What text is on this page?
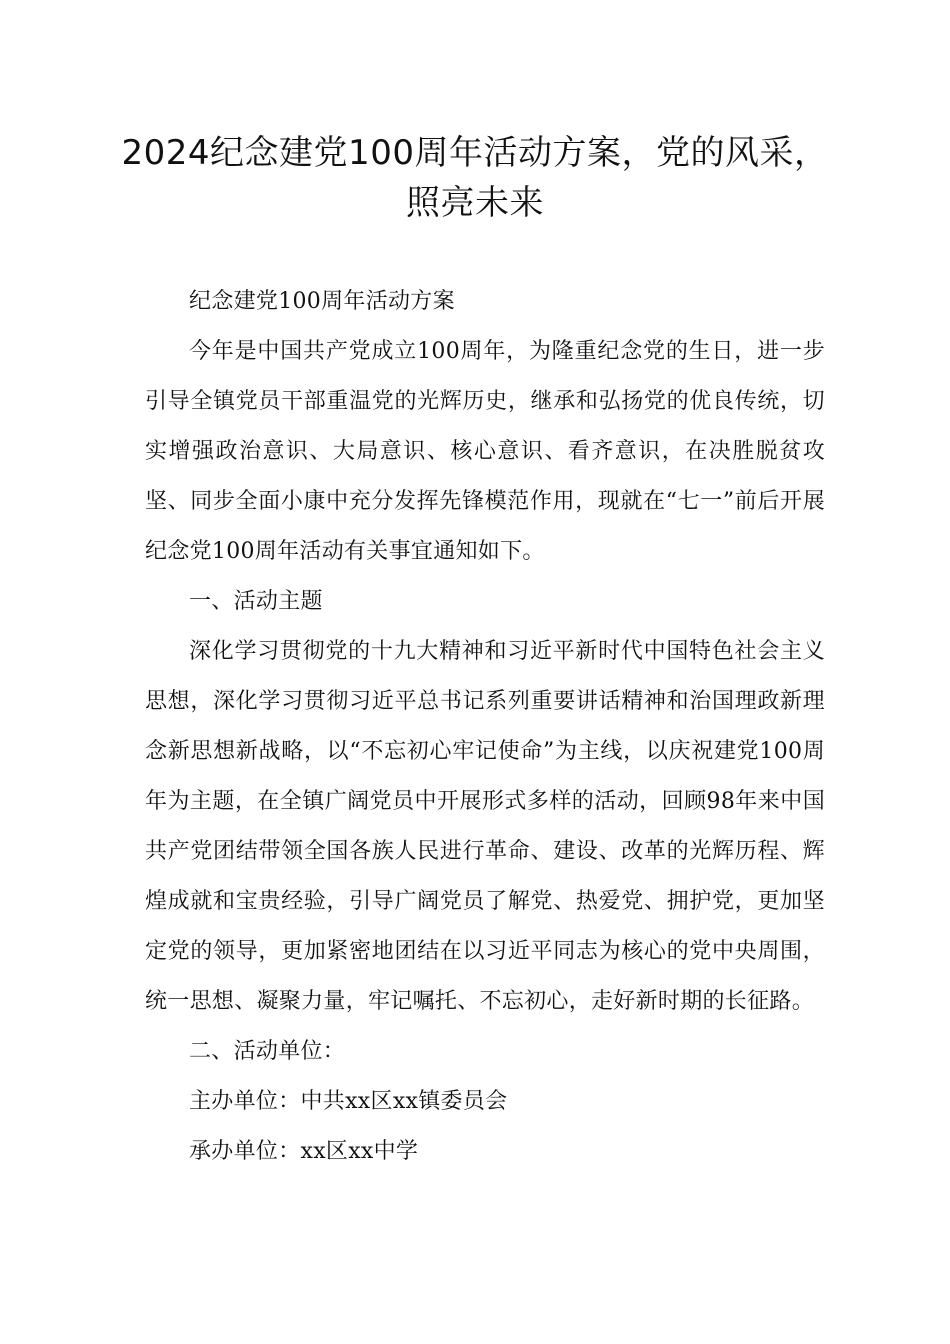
2024纪念建党100周年活动方案，党的风采，照亮未来

纪念建党100周年活动方案

今年是中国共产党成立100周年，为隆重纪念党的生日，进一步引导全镇党员干部重温党的光辉历史，继承和弘扬党的优良传统，切实增强政治意识、大局意识、核心意识、看齐意识，在决胜脱贫攻坚、同步全面小康中充分发挥先锋模范作用，现就在“七一”前后开展纪念党100周年活动有关事宜通知如下。

一、活动主题

深化学习贯彻党的十九大精神和习近平新时代中国特色社会主义思想，深化学习贯彻习近平总书记系列重要讲话精神和治国理政新理念新思想新战略，以“不忘初心牢记使命”为主线，以庆祝建党100周年为主题，在全镇广阔党员中开展形式多样的活动，回顾98年来中国共产党团结带领全国各族人民进行革命、建设、改革的光辉历程、辉煌成就和宝贵经验，引导广阔党员了解党、热爱党、拥护党，更加坚定党的领导，更加紧密地团结在以习近平同志为核心的党中央周围，统一思想、凝聚力量，牢记嘱托、不忘初心，走好新时期的长征路。

二、活动单位：

主办单位：中共xx区xx镇委员会

承办单位：xx区xx中学
